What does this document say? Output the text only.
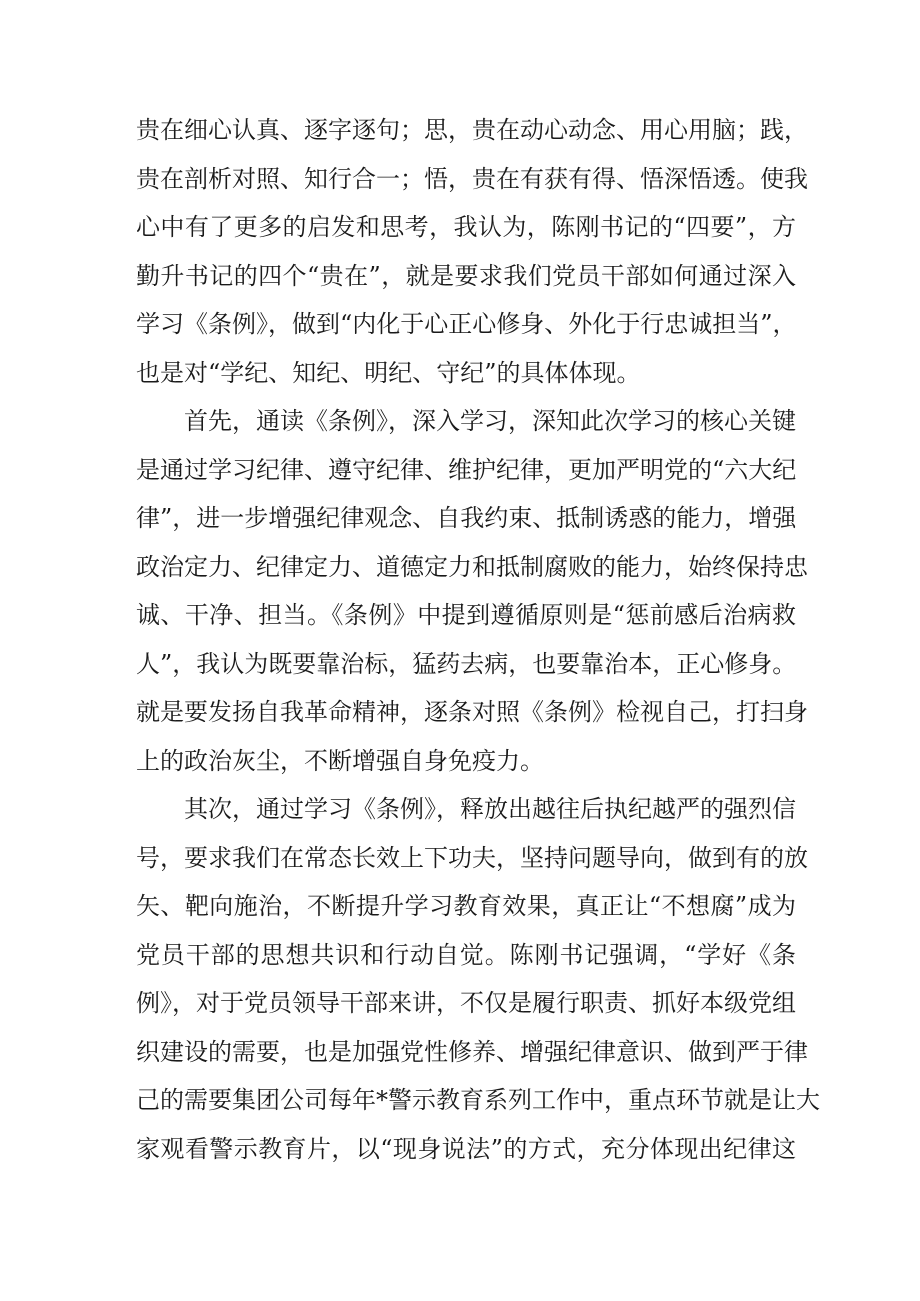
贵在细心认真、逐字逐句；思，贵在动心动念、用心用脑；践，
贵在剖析对照、知行合一；悟，贵在有获有得、悟深悟透。使我
心中有了更多的启发和思考，我认为，陈刚书记的“四要”，方
勤升书记的四个“贵在”，就是要求我们党员干部如何通过深入
学习《条例》，做到“内化于心正心修身、外化于行忠诚担当”，
也是对“学纪、知纪、明纪、守纪”的具体体现。
首先，通读《条例》，深入学习，深知此次学习的核心关键
是通过学习纪律、遵守纪律、维护纪律，更加严明党的“六大纪
律”，进一步增强纪律观念、自我约束、抵制诱惑的能力，增强
政治定力、纪律定力、道德定力和抵制腐败的能力，始终保持忠
诚、干净、担当。《条例》中提到遵循原则是“惩前感后治病救
人”，我认为既要靠治标，猛药去病，也要靠治本，正心修身。
就是要发扬自我革命精神，逐条对照《条例》检视自己，打扫身
上的政治灰尘，不断增强自身免疫力。
其次，通过学习《条例》，释放出越往后执纪越严的强烈信
号，要求我们在常态长效上下功夫，坚持问题导向，做到有的放
矢、靶向施治，不断提升学习教育效果，真正让“不想腐”成为
党员干部的思想共识和行动自觉。陈刚书记强调，“学好《条
例》，对于党员领导干部来讲，不仅是履行职责、抓好本级党组
织建设的需要，也是加强党性修养、增强纪律意识、做到严于律
己的需要集团公司每年*警示教育系列工作中，重点环节就是让大
家观看警示教育片，以“现身说法”的方式，充分体现出纪律这
